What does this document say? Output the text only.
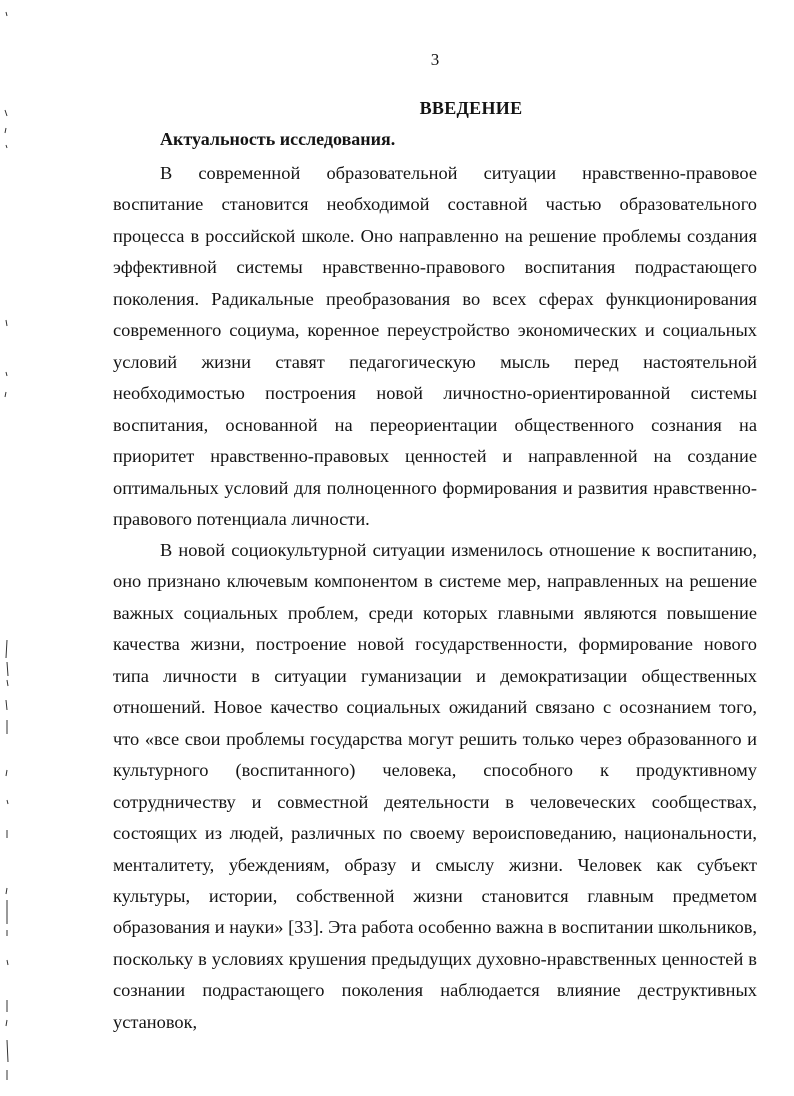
3
ВВЕДЕНИЕ
Актуальность исследования.

В современной образовательной ситуации нравственно-правовое воспитание становится необходимой составной частью образовательного процесса в российской школе. Оно направленно на решение проблемы создания эффективной системы нравственно-правового воспитания подрастающего поколения. Радикальные преобразования во всех сферах функционирования современного социума, коренное переустройство экономических и социальных условий жизни ставят педагогическую мысль перед настоятельной необходимостью построения новой личностно-ориентированной системы воспитания, основанной на переориентации общественного сознания на приоритет нравственно-правовых ценностей и направленной на создание оптимальных условий для полноценного формирования и развития нравственно-правового потенциала личности.

В новой социокультурной ситуации изменилось отношение к воспитанию, оно признано ключевым компонентом в системе мер, направленных на решение важных социальных проблем, среди которых главными являются повышение качества жизни, построение новой государственности, формирование нового типа личности в ситуации гуманизации и демократизации общественных отношений. Новое качество социальных ожиданий связано с осознанием того, что «все свои проблемы государства могут решить только через образованного и культурного (воспитанного) человека, способного к продуктивному сотрудничеству и совместной деятельности в человеческих сообществах, состоящих из людей, различных по своему вероисповеданию, национальности, менталитету, убеждениям, образу и смыслу жизни. Человек как субъект культуры, истории, собственной жизни становится главным предметом образования и науки» [33]. Эта работа особенно важна в воспитании школьников, поскольку в условиях крушения предыдущих духовно-нравственных ценностей в сознании подрастающего поколения наблюдается влияние деструктивных установок,
